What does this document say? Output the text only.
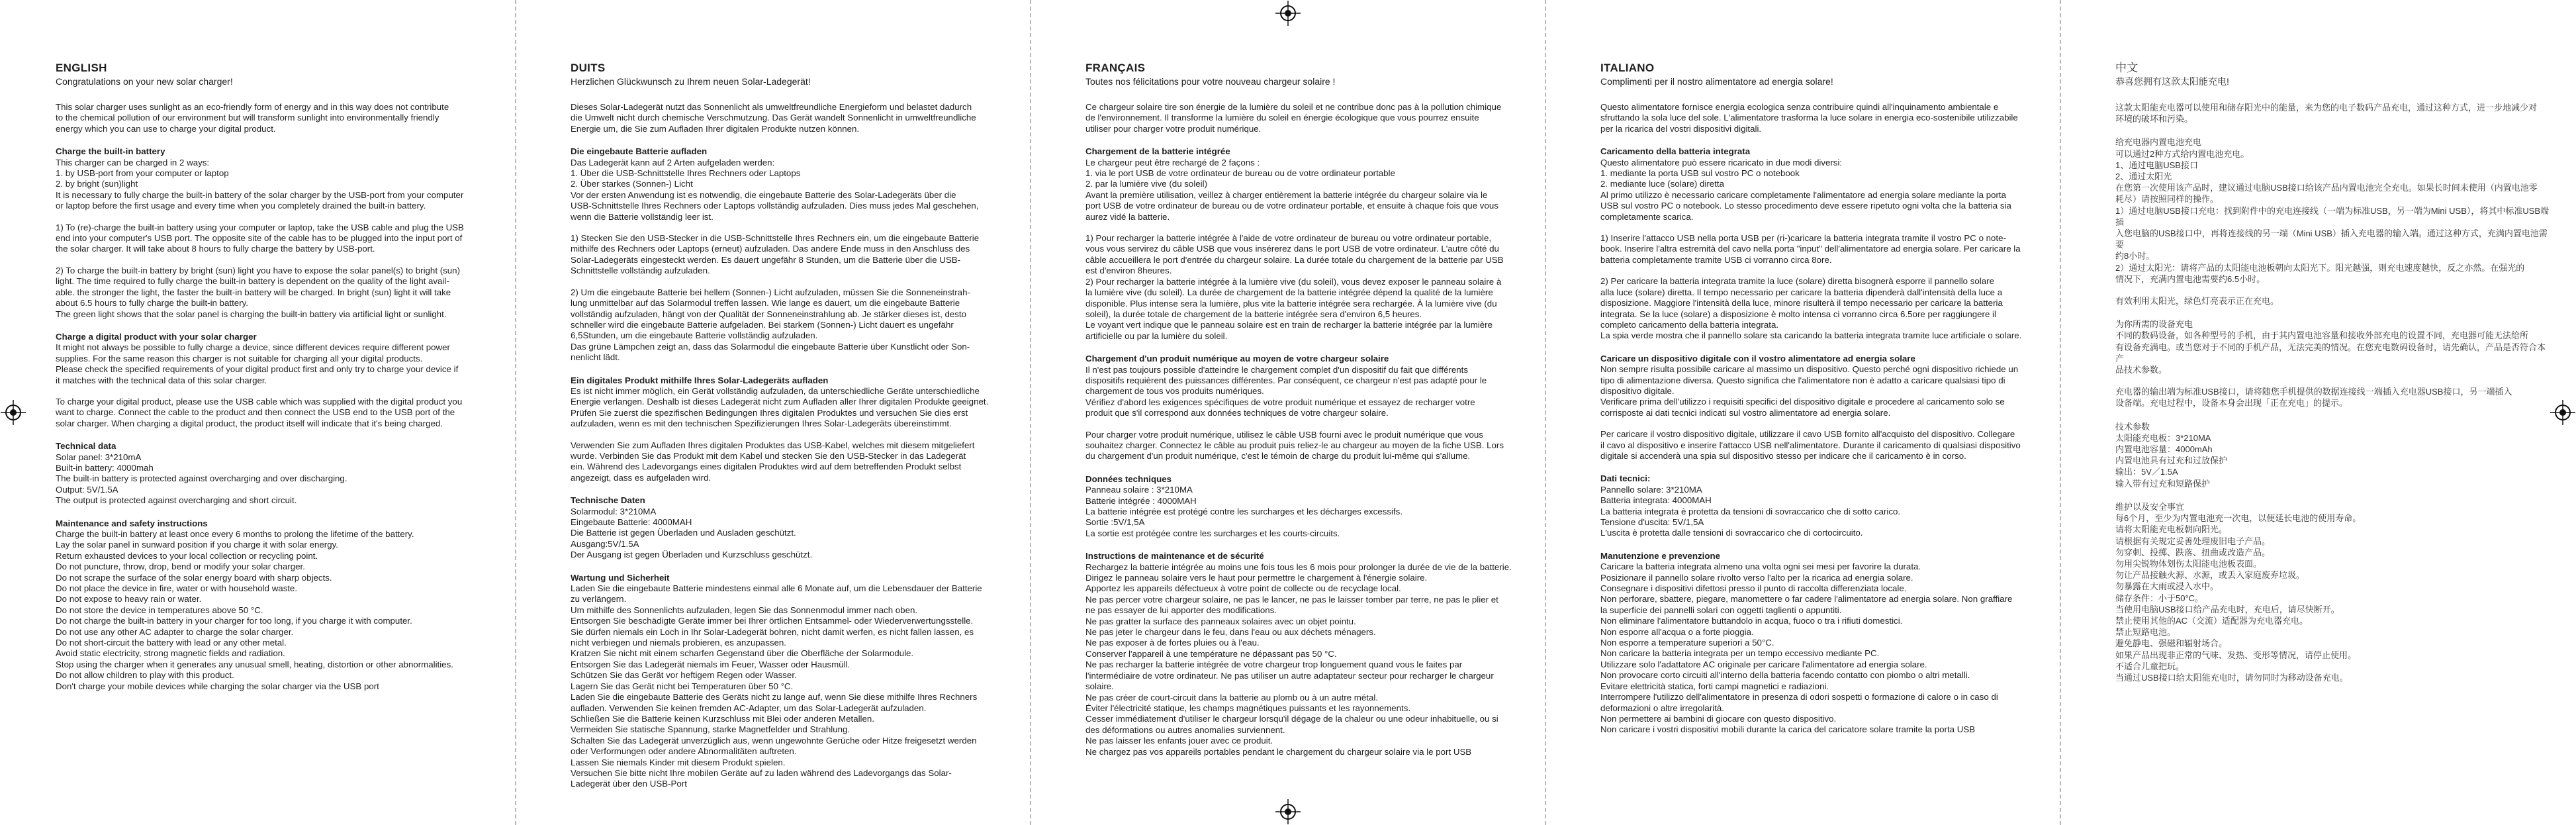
ENGLISH
Congratulations on your new solar charger!
This solar charger uses sunlight as an eco-friendly form of energy and in this way does not contribute
to the chemical pollution of our environment but will transform sunlight into environmentally friendly
energy which you can use to charge your digital product.
Charge the built-in battery
This charger can be charged in 2 ways:
1. by USB-port from your computer or laptop
2. by bright (sun)light
It is necessary to fully charge the built-in battery of the solar charger by the USB-port from your computer
or laptop before the first usage and every time when you completely drained the built-in battery.
1) To (re)-charge the built-in battery using your computer or laptop, take the USB cable and plug the USB
end into your computer's USB port. The opposite site of the cable has to be plugged into the input port of
the solar charger. It will take about 8 hours to fully charge the battery by USB-port.
2) To charge the built-in battery by bright (sun) light you have to expose the solar panel(s) to bright (sun)
light. The time required to fully charge the built-in battery is dependent on the quality of the light avail-
able. the stronger the light, the faster the built-in battery will be charged. In bright (sun) light it will take
about 6.5 hours to fully charge the built-in battery.
The green light shows that the solar panel is charging the built-in battery via artificial light or sunlight.
Charge a digital product with your solar charger
It might not always be possible to fully charge a device, since different devices require different power
supplies. For the same reason this charger is not suitable for charging all your digital products.
Please check the specified requirements of your digital product first and only try to charge your device if
it matches with the technical data of this solar charger.
To charge your digital product, please use the USB cable which was supplied with the digital product you
want to charge. Connect the cable to the product and then connect the USB end to the USB port of the
solar charger. When charging a digital product, the product itself will indicate that it's being charged.
Technical data
Solar panel: 3*210mA
Built-in battery: 4000mah
The built-in battery is protected against overcharging and over discharging.
Output: 5V/1.5A
The output is protected against overcharging and short circuit.
Maintenance and safety instructions
Charge the built-in battery at least once every 6 months to prolong the lifetime of the battery.
Lay the solar panel in sunward position if you charge it with solar energy.
Return exhausted devices to your local collection or recycling point.
Do not puncture, throw, drop, bend or modify your solar charger.
Do not scrape the surface of the solar energy board with sharp objects.
Do not place the device in fire, water or with household waste.
Do not expose to heavy rain or water.
Do not store the device in temperatures above 50 °C.
Do not charge the built-in battery in your charger for too long, if you charge it with computer.
Do not use any other AC adapter to charge the solar charger.
Do not short-circuit the battery with lead or any other metal.
Avoid static electricity, strong magnetic fields and radiation.
Stop using the charger when it generates any unusual smell, heating, distortion or other abnormalities.
Do not allow children to play with this product.
Don't charge your mobile devices while charging the solar charger via the USB port
DUITS
Herzlichen Glückwunsch zu Ihrem neuen Solar-Ladegerät!
Dieses Solar-Ladegerät nutzt das Sonnenlicht als umweltfreundliche Energieform und belastet dadurch
die Umwelt nicht durch chemische Verschmutzung. Das Gerät wandelt Sonnenlicht in umweltfreundliche
Energie um, die Sie zum Aufladen Ihrer digitalen Produkte nutzen können.
Die eingebaute Batterie aufladen
Das Ladegerät kann auf 2 Arten aufgeladen werden:
1. Über die USB-Schnittstelle Ihres Rechners oder Laptops
2. Über starkes (Sonnen-) Licht
Vor der ersten Anwendung ist es notwendig, die eingebaute Batterie des Solar-Ladegeräts über die
USB-Schnittstelle Ihres Rechners oder Laptops vollständig aufzuladen. Dies muss jedes Mal geschehen,
wenn die Batterie vollständig leer ist.
1) Stecken Sie den USB-Stecker in die USB-Schnittstelle Ihres Rechners ein, um die eingebaute Batterie
mithilfe des Rechners oder Laptops (erneut) aufzuladen. Das andere Ende muss in den Anschluss des
Solar-Ladegeräts eingesteckt werden. Es dauert ungefähr 8 Stunden, um die Batterie über die USB-
Schnittstelle vollständig aufzuladen.
2) Um die eingebaute Batterie bei hellem (Sonnen-) Licht aufzuladen, müssen Sie die Sonneneinstrah-
lung unmittelbar auf das Solarmodul treffen lassen. Wie lange es dauert, um die eingebaute Batterie
vollständig aufzuladen, hängt von der Qualität der Sonneneinstrahlung ab. Je stärker dieses ist, desto
schneller wird die eingebaute Batterie aufgeladen. Bei starkem (Sonnen-) Licht dauert es ungefähr
6,5Stunden, um die eingebaute Batterie vollständig aufzuladen.
Das grüne Lämpchen zeigt an, dass das Solarmodul die eingebaute Batterie über Kunstlicht oder Son-
nenlicht lädt.
Ein digitales Produkt mithilfe Ihres Solar-Ladegeräts aufladen
Es ist nicht immer möglich, ein Gerät vollständig aufzuladen, da unterschiedliche Geräte unterschiedliche
Energie verlangen. Deshalb ist dieses Ladegerät nicht zum Aufladen aller Ihrer digitalen Produkte geeignet.
Prüfen Sie zuerst die spezifischen Bedingungen Ihres digitalen Produktes und versuchen Sie dies erst
aufzuladen, wenn es mit den technischen Spezifizierungen Ihres Solar-Ladegeräts übereinstimmt.
Verwenden Sie zum Aufladen Ihres digitalen Produktes das USB-Kabel, welches mit diesem mitgeliefert
wurde. Verbinden Sie das Produkt mit dem Kabel und stecken Sie den USB-Stecker in das Ladegerät
ein. Während des Ladevorgangs eines digitalen Produktes wird auf dem betreffenden Produkt selbst
angezeigt, dass es aufgeladen wird.
Technische Daten
Solarmodul: 3*210MA
Eingebaute Batterie: 4000MAH
Die Batterie ist gegen Überladen und Ausladen geschützt.
Ausgang:5V/1.5A
Der Ausgang ist gegen Überladen und Kurzschluss geschützt.
Wartung und Sicherheit
Laden Sie die eingebaute Batterie mindestens einmal alle 6 Monate auf, um die Lebensdauer der Batterie
zu verlängern.
Um mithilfe des Sonnenlichts aufzuladen, legen Sie das Sonnenmodul immer nach oben.
Entsorgen Sie beschädigte Geräte immer bei Ihrer örtlichen Entsammel- oder Wiederverwertungsstelle.
Sie dürfen niemals ein Loch in Ihr Solar-Ladegerät bohren, nicht damit werfen, es nicht fallen lassen, es
nicht verbiegen und niemals probieren, es anzupassen.
Kratzen Sie nicht mit einem scharfen Gegenstand über die Oberfläche der Solarmodule.
Entsorgen Sie das Ladegerät niemals im Feuer, Wasser oder Hausmüll.
Schützen Sie das Gerät vor heftigem Regen oder Wasser.
Lagern Sie das Gerät nicht bei Temperaturen über 50 °C.
Laden Sie die eingebaute Batterie des Geräts nicht zu lange auf, wenn Sie diese mithilfe Ihres Rechners
aufladen. Verwenden Sie keinen fremden AC-Adapter, um das Solar-Ladegerät aufzuladen.
Schließen Sie die Batterie keinen Kurzschluss mit Blei oder anderen Metallen.
Vermeiden Sie statische Spannung, starke Magnetfelder und Strahlung.
Schalten Sie das Ladegerät unverzüglich aus, wenn ungewohnte Gerüche oder Hitze freigesetzt werden
oder Verformungen oder andere Abnormalitäten auftreten.
Lassen Sie niemals Kinder mit diesem Produkt spielen.
Versuchen Sie bitte nicht Ihre mobilen Geräte auf zu laden während des Ladevorgangs das Solar-
Ladegerät über den USB-Port
FRANÇAIS
Toutes nos félicitations pour votre nouveau chargeur solaire !
Ce chargeur solaire tire son énergie de la lumière du soleil et ne contribue donc pas à la pollution chimique
de l'environnement. Il transforme la lumière du soleil en énergie écologique que vous pourrez ensuite
utiliser pour charger votre produit numérique.
Chargement de la batterie intégrée
Le chargeur peut être rechargé de 2 façons :
1. via le port USB de votre ordinateur de bureau ou de votre ordinateur portable
2. par la lumière vive (du soleil)
Avant la première utilisation, veillez à charger entièrement la batterie intégrée du chargeur solaire via le
port USB de votre ordinateur de bureau ou de votre ordinateur portable, et ensuite à chaque fois que vous
aurez vidé la batterie.
1) Pour recharger la batterie intégrée à l'aide de votre ordinateur de bureau ou votre ordinateur portable,
vous vous servirez du câble USB que vous insérerez dans le port USB de votre ordinateur. L'autre côté du
câble accueillera le port d'entrée du chargeur solaire. La durée totale du chargement de la batterie par USB
est d'environ 8heures.
2) Pour recharger la batterie intégrée à la lumière vive (du soleil), vous devez exposer le panneau solaire à
la lumière vive (du soleil). La durée de chargement de la batterie intégrée dépend la qualité de la lumière
disponible. Plus intense sera la lumière, plus vite la batterie intégrée sera rechargée. À la lumière vive (du
soleil), la durée totale de chargement de la batterie intégrée sera d'environ 6,5 heures.
Le voyant vert indique que le panneau solaire est en train de recharger la batterie intégrée par la lumière
artificielle ou par la lumière du soleil.
Chargement d'un produit numérique au moyen de votre chargeur solaire
Il n'est pas toujours possible d'atteindre le chargement complet d'un dispositif du fait que différents
dispositifs requièrent des puissances différentes. Par conséquent, ce chargeur n'est pas adapté pour le
chargement de tous vos produits numériques.
Vérifiez d'abord les exigences spécifiques de votre produit numérique et essayez de recharger votre
produit que s'il correspond aux données techniques de votre chargeur solaire.
Pour charger votre produit numérique, utilisez le câble USB fourni avec le produit numérique que vous
souhaitez charger. Connectez le câble au produit puis reliez-le au chargeur au moyen de la fiche USB. Lors
du chargement d'un produit numérique, c'est le témoin de charge du produit lui-même qui s'allume.
Données techniques
Panneau solaire : 3*210MA
Batterie intégrée : 4000MAH
La batterie intégrée est protégé contre les surcharges et les décharges excessifs.
Sortie :5V/1,5A
La sortie est protégée contre les surcharges et les courts-circuits.
Instructions de maintenance et de sécurité
Rechargez la batterie intégrée au moins une fois tous les 6 mois pour prolonger la durée de vie de la batterie.
Dirigez le panneau solaire vers le haut pour permettre le chargement à l'énergie solaire.
Apportez les appareils défectueux à votre point de collecte ou de recyclage local.
Ne pas percer votre chargeur solaire, ne pas le lancer, ne pas le laisser tomber par terre, ne pas le plier et
ne pas essayer de lui apporter des modifications.
Ne pas gratter la surface des panneaux solaires avec un objet pointu.
Ne pas jeter le chargeur dans le feu, dans l'eau ou aux déchets ménagers.
Ne pas exposer à de fortes pluies ou à l'eau.
Conserver l'appareil à une température ne dépassant pas 50 °C.
Ne pas recharger la batterie intégrée de votre chargeur trop longuement quand vous le faites par
l'intermédiaire de votre ordinateur. Ne pas utiliser un autre adaptateur secteur pour recharger le chargeur
solaire.
Ne pas créer de court-circuit dans la batterie au plomb ou à un autre métal.
Éviter l'électricité statique, les champs magnétiques puissants et les rayonnements.
Cesser immédiatement d'utiliser le chargeur lorsqu'il dégage de la chaleur ou une odeur inhabituelle, ou si
des déformations ou autres anomalies surviennent.
Ne pas laisser les enfants jouer avec ce produit.
Ne chargez pas vos appareils portables pendant le chargement du chargeur solaire via le port USB
ITALIANO
Complimenti per il nostro alimentatore ad energia solare!
Questo alimentatore fornisce energia ecologica senza contribuire quindi all'inquinamento ambientale e
sfruttando la sola luce del sole. L'alimentatore trasforma la luce solare in energia eco-sostenibile utilizzabile
per la ricarica del vostri dispositivi digitali.
Caricamento della batteria integrata
Questo alimentatore può essere ricaricato in due modi diversi:
1. mediante la porta USB sul vostro PC o notebook
2. mediante luce (solare) diretta
Al primo utilizzo è necessario caricare completamente l'alimentatore ad energia solare mediante la porta
USB sul vostro PC o notebook. Lo stesso procedimento deve essere ripetuto ogni volta che la batteria sia
completamente scarica.
1) Inserire l'attacco USB nella porta USB per (ri-)caricare la batteria integrata tramite il vostro PC o note-
book. Inserire l'altra estremità del cavo nella porta "input" dell'alimentatore ad energia solare. Per caricare la
batteria completamente tramite USB ci vorranno circa 8ore.
2) Per caricare la batteria integrata tramite la luce (solare) diretta bisognerà esporre il pannello solare
alla luce (solare) diretta. Il tempo necessario per caricare la batteria dipenderà dall'intensità della luce a
disposizione. Maggiore l'intensità della luce, minore risulterà il tempo necessario per caricare la batteria
integrata. Se la luce (solare) a disposizione è molto intensa ci vorranno circa 6.5ore per raggiungere il
completo caricamento della batteria integrata.
La spia verde mostra che il pannello solare sta caricando la batteria integrata tramite luce artificiale o solare.
Caricare un dispositivo digitale con il vostro alimentatore ad energia solare
Non sempre risulta possibile caricare al massimo un dispositivo. Questo perché ogni dispositivo richiede un
tipo di alimentazione diversa. Questo significa che l'alimentatore non è adatto a caricare qualsiasi tipo di
dispositivo digitale.
Verificare prima dell'utilizzo i requisiti specifici del dispositivo digitale e procedere al caricamento solo se
corrisposte ai dati tecnici indicati sul vostro alimentatore ad energia solare.
Per caricare il vostro dispositivo digitale, utilizzare il cavo USB fornito all'acquisto del dispositivo. Collegare
il cavo al dispositivo e inserire l'attacco USB nell'alimentatore. Durante il caricamento di qualsiasi dispositivo
digitale si accenderà una spia sul dispositivo stesso per indicare che il caricamento è in corso.
Dati tecnici:
Pannello solare: 3*210MA
Batteria integrata: 4000MAH
La batteria integrata è protetta da tensioni di sovraccarico che di sotto carico.
Tensione d'uscita: 5V/1,5A
L'uscita è protetta dalle tensioni di sovraccarico che di cortocircuito.
Manutenzione e prevenzione
Caricare la batteria integrata almeno una volta ogni sei mesi per favorire la durata.
Posizionare il pannello solare rivolto verso l'alto per la ricarica ad energia solare.
Consegnare i dispositivi difettosi presso il punto di raccolta differenziata locale.
Non perforare, sbattere, piegare, manomettere o far cadere l'alimentatore ad energia solare. Non graffiare
la superficie dei pannelli solari con oggetti taglienti o appuntiti.
Non eliminare l'alimentatore buttandolo in acqua, fuoco o tra i rifiuti domestici.
Non esporre all'acqua o a forte pioggia.
Non esporre a temperature superiori a 50°C.
Non caricare la batteria integrata per un tempo eccessivo mediante PC.
Utilizzare solo l'adattatore AC originale per caricare l'alimentatore ad energia solare.
Non provocare corto circuiti all'interno della batteria facendo contatto con piombo o altri metalli.
Evitare elettricità statica, forti campi magnetici e radiazioni.
Interrompere l'utilizzo dell'alimentatore in presenza di odori sospetti o formazione di calore o in caso di
deformazioni o altre irregolarità.
Non permettere ai bambini di giocare con questo dispositivo.
Non caricare i vostri dispositivi mobili durante la carica del caricatore solare tramite la porta USB
中文
恭喜您拥有这款太阳能充电!
这款太阳能充电器可以使用和储存阳光中的能量，来为您的电子数码产品充电，通过这种方式，进一步地减少对
环境的破坏和污染。
给充电器内置电池充电
可以通过2种方式给内置电池充电。
1、通过电脑USB接口
2、通过太阳光
在您第一次使用该产品时，建议通过电脑USB接口给该产品内置电池完全充电。如果长时间未使用（内置电池零
耗尽）请按照同样的操作。
1）通过电脑USB接口充电：找到附件中的充电连接线（一端为标准USB，另一端为Mini USB），将其中标准USB端插
入您电脑的USB接口中，再将连接线的另一端（Mini USB）插入充电器的输入端。通过这种方式，充满内置电池需要
约8小时。
2）通过太阳光：请将产品的太阳能电池板朝向太阳光下。阳光越强，则充电速度越快，反之亦然。在强光的
情况下，充满内置电池需要约6.5小时。
有效利用太阳光，绿色灯亮表示正在充电。
为你所需的设备充电
不同的数码设备，如各种型号的手机，由于其内置电池容量和接收外部充电的设置不同，充电器可能无法给所
有设备充满电。或当您对于不同的手机产品，无法完美的情况。在您充电数码设备时，请先确认，产品是否符合本产
品技术参数。
充电器的输出端为标准USB接口，请将随您手机提供的数据连接线一端插入充电器USB接口，另一端插入
设备端。充电过程中，设备本身会出现「正在充电」的提示。
技术参数
太阳能充电板：3*210MA
内置电池容量：4000mAh
内置电池具有过充和过放保护
输出：5V／1.5A
输入带有过充和短路保护
维护以及安全事宜
每6个月，至少为内置电池充一次电，以便延长电池的使用寿命。
请将太阳能充电板朝向阳光。
请根据有关规定妥善处理废旧电子产品。
勿穿刺、投掷、跌落、扭曲或改造产品。
勿用尖锐物体划伤太阳能电池板表面。
勿让产品接触火源、水源，或丢入家庭废弃垃圾。
勿暴露在大雨或浸入水中。
储存条件：小于50°C。
当使用电脑USB接口给产品充电时，充电后，请尽快断开。
禁止使用其他的AC（交流）适配器为充电器充电。
禁止短路电池。
避免静电、强磁和辐射场合。
如果产品出现非正常的气味、发热、变形等情况，请停止使用。
不适合儿童把玩。
当通过USB接口给太阳能充电时，请勿同时为移动设备充电。
